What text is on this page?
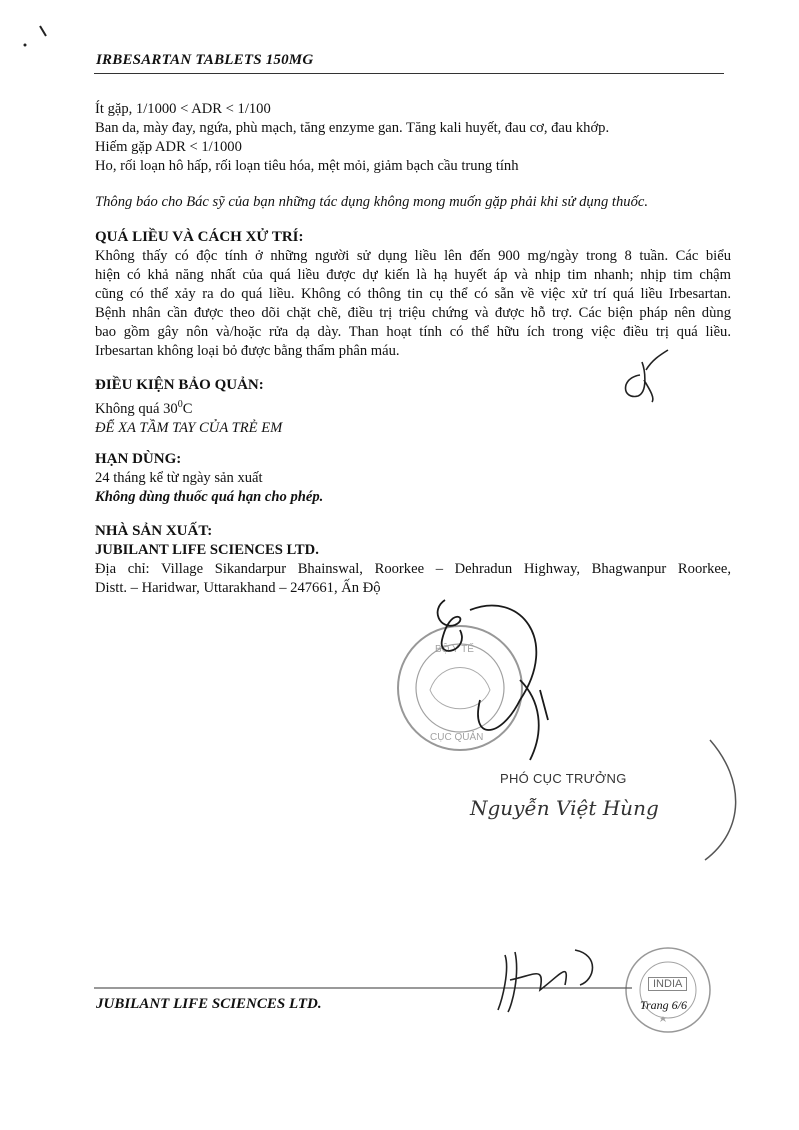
IRBESARTAN TABLETS 150MG
Ít gặp, 1/1000 < ADR < 1/100
Ban da, mày đay, ngứa, phù mạch, tăng enzyme gan. Tăng kali huyết, đau cơ, đau khớp.
Hiếm gặp ADR < 1/1000
Ho, rối loạn hô hấp, rối loạn tiêu hóa, mệt mỏi, giảm bạch cầu trung tính
Thông báo cho Bác sỹ của bạn những tác dụng không mong muốn gặp phải khi sử dụng thuốc.
QUÁ LIỀU VÀ CÁCH XỬ TRÍ:
Không thấy có độc tính ở những người sử dụng liều lên đến 900 mg/ngày trong 8 tuần. Các biểu
hiện có khả năng nhất của quá liều được dự kiến là hạ huyết áp và nhịp tim nhanh; nhịp tim chậm
cũng có thể xảy ra do quá liều. Không có thông tin cụ thể có sẵn về việc xử trí quá liều Irbesartan.
Bệnh nhân cần được theo dõi chặt chẽ, điều trị triệu chứng và được hỗ trợ. Các biện pháp nên dùng
bao gồm gây nôn và/hoặc rửa dạ dày. Than hoạt tính có thể hữu ích trong việc điều trị quá liều.
Irbesartan không loại bỏ được bằng thẩm phân máu.
ĐIỀU KIỆN BẢO QUẢN:
Không quá $30^0C$
ĐỂ XA TẦM TAY CỦA TRẺ EM
HẠN DÙNG:
24 tháng kể từ ngày sản xuất
Không dùng thuốc quá hạn cho phép.
NHÀ SẢN XUẤT:
JUBILANT LIFE SCIENCES LTD.
Địa chỉ: Village Sikandarpur Bhainswal, Roorkee – Dehradun Highway, Bhagwanpur Roorkee,
Distt. – Haridwar, Uttarakhand – 247661, Ấn Độ
PHÓ CỤC TRƯỞNG
Nguyễn Việt Hùng
BỘ Y TẾ
CỤC QUẢN
INDIA
JUBILANT LIFE SCIENCES LTD.	Trang 6/6
